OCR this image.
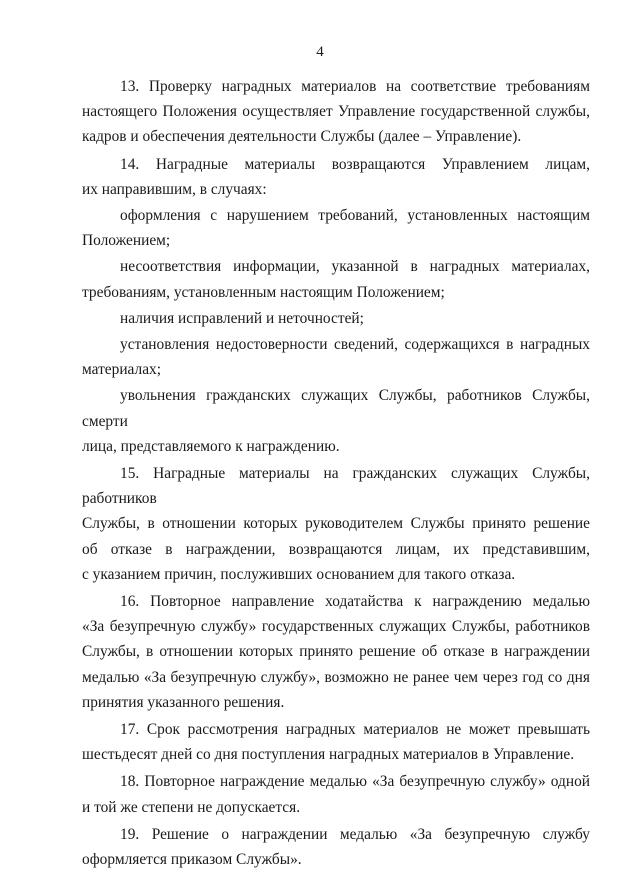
4
13. Проверку наградных материалов на соответствие требованиям
настоящего Положения осуществляет Управление государственной службы,
кадров и обеспечения деятельности Службы (далее – Управление).
14. Наградные материалы возвращаются Управлением лицам,
их направившим, в случаях:
оформления с нарушением требований, установленных настоящим
Положением;
несоответствия информации, указанной в наградных материалах,
требованиям, установленным настоящим Положением;
наличия исправлений и неточностей;
установления недостоверности сведений, содержащихся в наградных
материалах;
увольнения гражданских служащих Службы, работников Службы, смерти
лица, представляемого к награждению.
15. Наградные материалы на гражданских служащих Службы, работников
Службы, в отношении которых руководителем Службы принято решение
об отказе в награждении, возвращаются лицам, их представившим,
с указанием причин, послуживших основанием для такого отказа.
16. Повторное направление ходатайства к награждению медалью
«За безупречную службу» государственных служащих Службы, работников
Службы, в отношении которых принято решение об отказе в награждении
медалью «За безупречную службу», возможно не ранее чем через год со дня
принятия указанного решения.
17. Срок рассмотрения наградных материалов не может превышать
шестьдесят дней со дня поступления наградных материалов в Управление.
18. Повторное награждение медалью «За безупречную службу» одной
и той же степени не допускается.
19. Решение о награждении медалью «За безупречную службу
оформляется приказом Службы».
